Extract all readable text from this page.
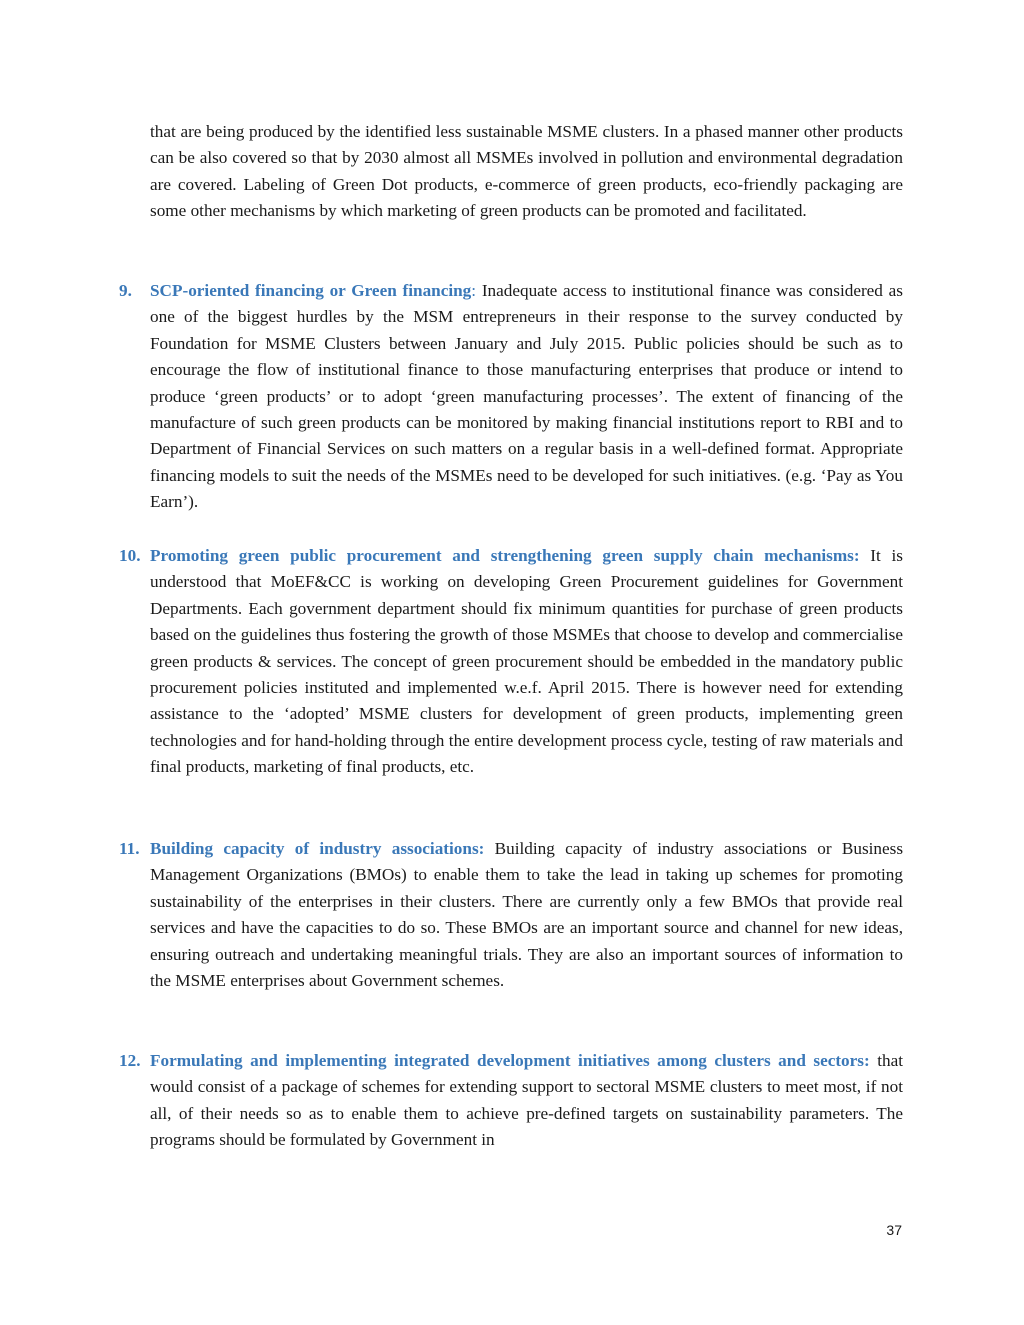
that are being produced by the identified less sustainable MSME clusters. In a phased manner other products can be also covered so that by 2030 almost all MSMEs involved in pollution and environmental degradation are covered. Labeling of Green Dot products, e-commerce of green products, eco-friendly packaging are some other mechanisms by which marketing of green products can be promoted and facilitated.

9. SCP-oriented financing or Green financing: Inadequate access to institutional finance was considered as one of the biggest hurdles by the MSM entrepreneurs in their response to the survey conducted by Foundation for MSME Clusters between January and July 2015. Public policies should be such as to encourage the flow of institutional finance to those manufacturing enterprises that produce or intend to produce ‘green products’ or to adopt ‘green manufacturing processes’. The extent of financing of the manufacture of such green products can be monitored by making financial institutions report to RBI and to Department of Financial Services on such matters on a regular basis in a well-defined format. Appropriate financing models to suit the needs of the MSMEs need to be developed for such initiatives. (e.g. ‘Pay as You Earn’).

10. Promoting green public procurement and strengthening green supply chain mechanisms: It is understood that MoEF&CC is working on developing Green Procurement guidelines for Government Departments. Each government department should fix minimum quantities for purchase of green products based on the guidelines thus fostering the growth of those MSMEs that choose to develop and commercialise green products & services. The concept of green procurement should be embedded in the mandatory public procurement policies instituted and implemented w.e.f. April 2015. There is however need for extending assistance to the ‘adopted’ MSME clusters for development of green products, implementing green technologies and for hand-holding through the entire development process cycle, testing of raw materials and final products, marketing of final products, etc.

11. Building capacity of industry associations: Building capacity of industry associations or Business Management Organizations (BMOs) to enable them to take the lead in taking up schemes for promoting sustainability of the enterprises in their clusters. There are currently only a few BMOs that provide real services and have the capacities to do so. These BMOs are an important source and channel for new ideas, ensuring outreach and undertaking meaningful trials. They are also an important sources of information to the MSME enterprises about Government schemes.

12. Formulating and implementing integrated development initiatives among clusters and sectors: that would consist of a package of schemes for extending support to sectoral MSME clusters to meet most, if not all, of their needs so as to enable them to achieve pre-defined targets on sustainability parameters. The programs should be formulated by Government in

37
